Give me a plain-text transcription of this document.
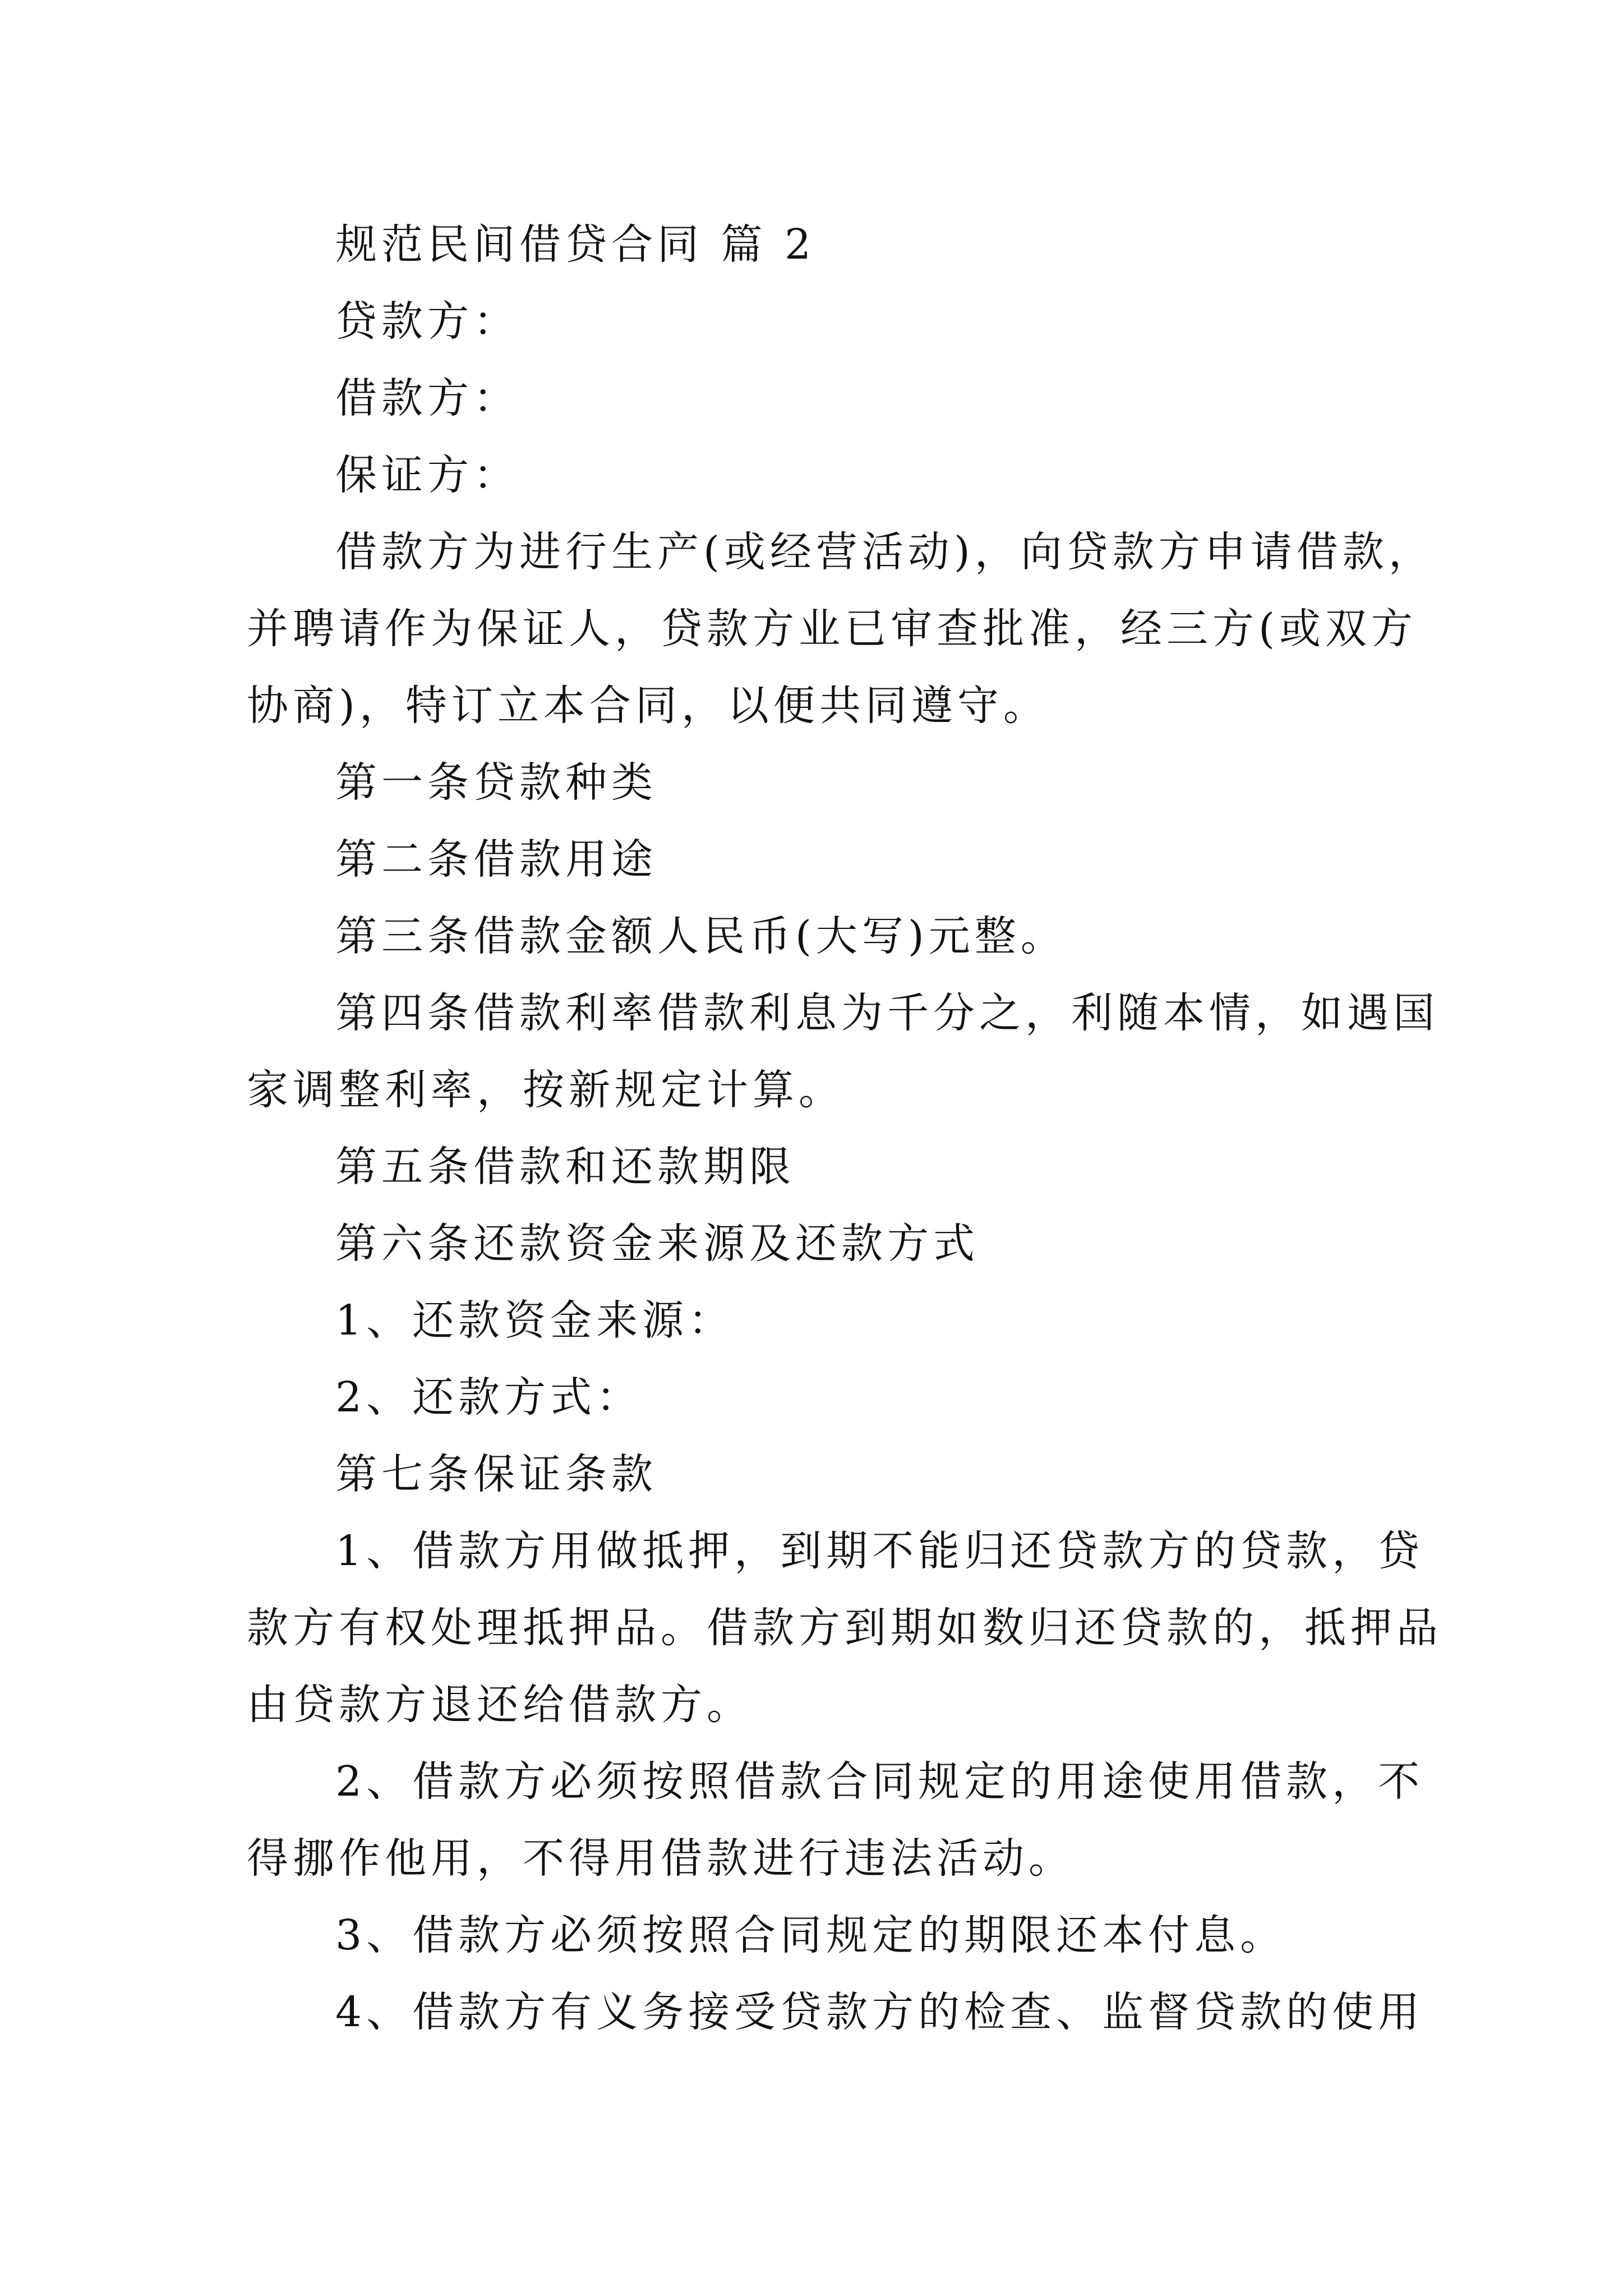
规范民间借贷合同 篇 2
贷款方：
借款方：
保证方：
借款方为进行生产(或经营活动)，向贷款方申请借款，
并聘请作为保证人，贷款方业已审查批准，经三方(或双方
协商)，特订立本合同，以便共同遵守。
第一条贷款种类
第二条借款用途
第三条借款金额人民币(大写)元整。
第四条借款利率借款利息为千分之，利随本情，如遇国
家调整利率，按新规定计算。
第五条借款和还款期限
第六条还款资金来源及还款方式
1、还款资金来源：
2、还款方式：
第七条保证条款
1、借款方用做抵押，到期不能归还贷款方的贷款，贷
款方有权处理抵押品。借款方到期如数归还贷款的，抵押品
由贷款方退还给借款方。
2、借款方必须按照借款合同规定的用途使用借款，不
得挪作他用，不得用借款进行违法活动。
3、借款方必须按照合同规定的期限还本付息。
4、借款方有义务接受贷款方的检查、监督贷款的使用
